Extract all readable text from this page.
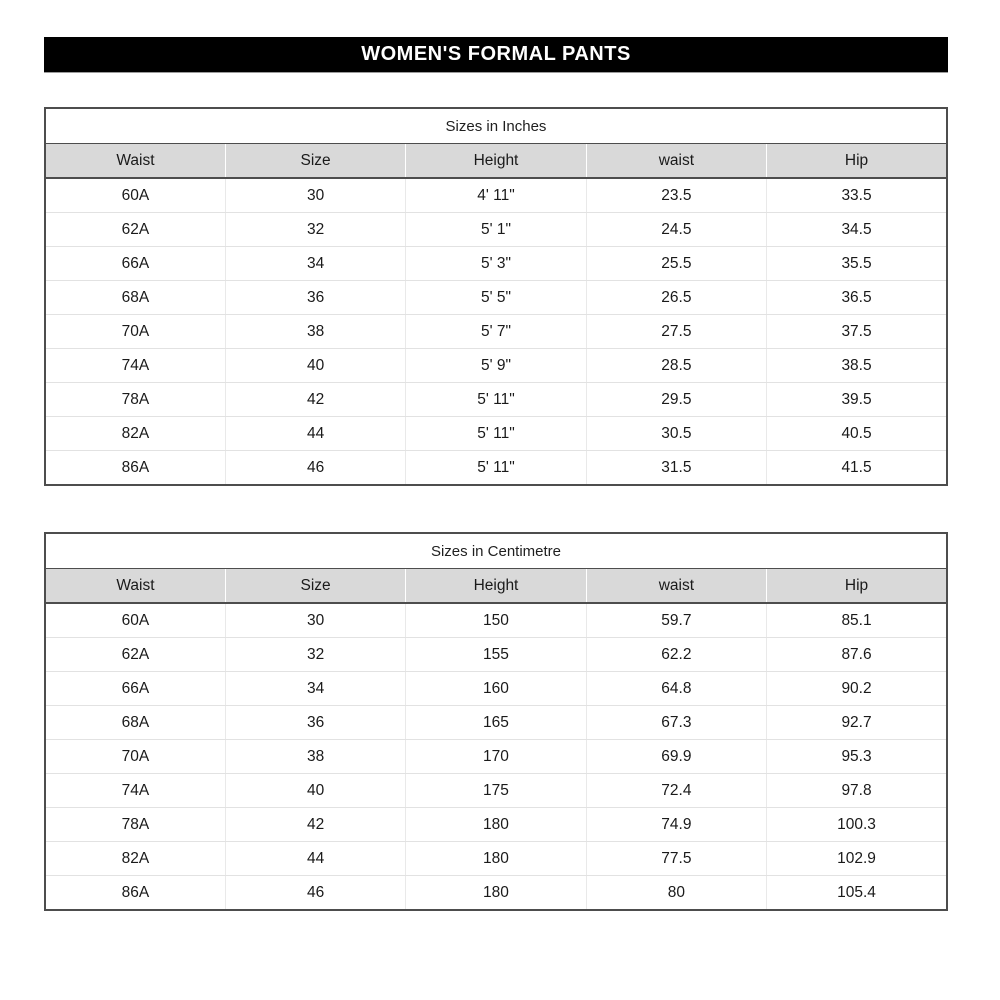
WOMEN'S FORMAL PANTS
Sizes in Inches				
Waist	Size	Height	waist	Hip
60A	30	4' 11"	23.5	33.5
62A	32	5' 1"	24.5	34.5
66A	34	5' 3"	25.5	35.5
68A	36	5' 5"	26.5	36.5
70A	38	5' 7"	27.5	37.5
74A	40	5' 9"	28.5	38.5
78A	42	5' 11"	29.5	39.5
82A	44	5' 11"	30.5	40.5
86A	46	5' 11"	31.5	41.5
Sizes in Centimetre				
Waist	Size	Height	waist	Hip
60A	30	150	59.7	85.1
62A	32	155	62.2	87.6
66A	34	160	64.8	90.2
68A	36	165	67.3	92.7
70A	38	170	69.9	95.3
74A	40	175	72.4	97.8
78A	42	180	74.9	100.3
82A	44	180	77.5	102.9
86A	46	180	80	105.4
